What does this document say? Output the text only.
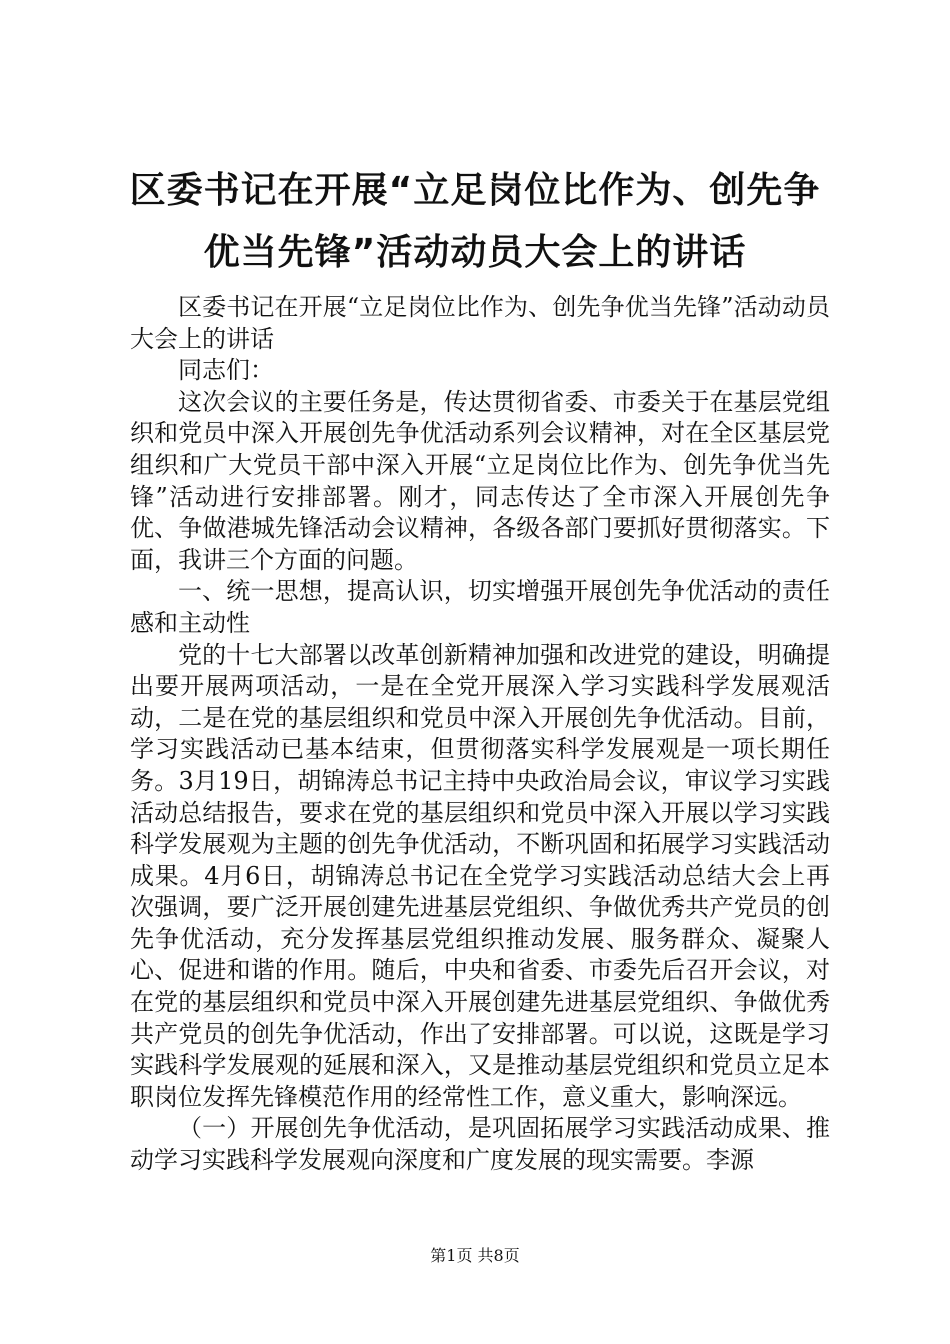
区委书记在开展“立足岗位比作为、创先争优当先锋”活动动员大会上的讲话

区委书记在开展“立足岗位比作为、创先争优当先锋”活动动员大会上的讲话

同志们：

这次会议的主要任务是，传达贯彻省委、市委关于在基层党组织和党员中深入开展创先争优活动系列会议精神，对在全区基层党组织和广大党员干部中深入开展“立足岗位比作为、创先争优当先锋”活动进行安排部署。刚才，同志传达了全市深入开展创先争优、争做港城先锋活动会议精神，各级各部门要抓好贯彻落实。下面，我讲三个方面的问题。

一、统一思想，提高认识，切实增强开展创先争优活动的责任感和主动性

党的十七大部署以改革创新精神加强和改进党的建设，明确提出要开展两项活动，一是在全党开展深入学习实践科学发展观活动，二是在党的基层组织和党员中深入开展创先争优活动。目前，学习实践活动已基本结束，但贯彻落实科学发展观是一项长期任务。3月19日，胡锦涛总书记主持中央政治局会议，审议学习实践活动总结报告，要求在党的基层组织和党员中深入开展以学习实践科学发展观为主题的创先争优活动，不断巩固和拓展学习实践活动成果。4月6日，胡锦涛总书记在全党学习实践活动总结大会上再次强调，要广泛开展创建先进基层党组织、争做优秀共产党员的创先争优活动，充分发挥基层党组织推动发展、服务群众、凝聚人心、促进和谐的作用。随后，中央和省委、市委先后召开会议，对在党的基层组织和党员中深入开展创建先进基层党组织、争做优秀共产党员的创先争优活动，作出了安排部署。可以说，这既是学习实践科学发展观的延展和深入，又是推动基层党组织和党员立足本职岗位发挥先锋模范作用的经常性工作，意义重大，影响深远。

（一）开展创先争优活动，是巩固拓展学习实践活动成果、推动学习实践科学发展观向深度和广度发展的现实需要。李源

第1页 共8页
